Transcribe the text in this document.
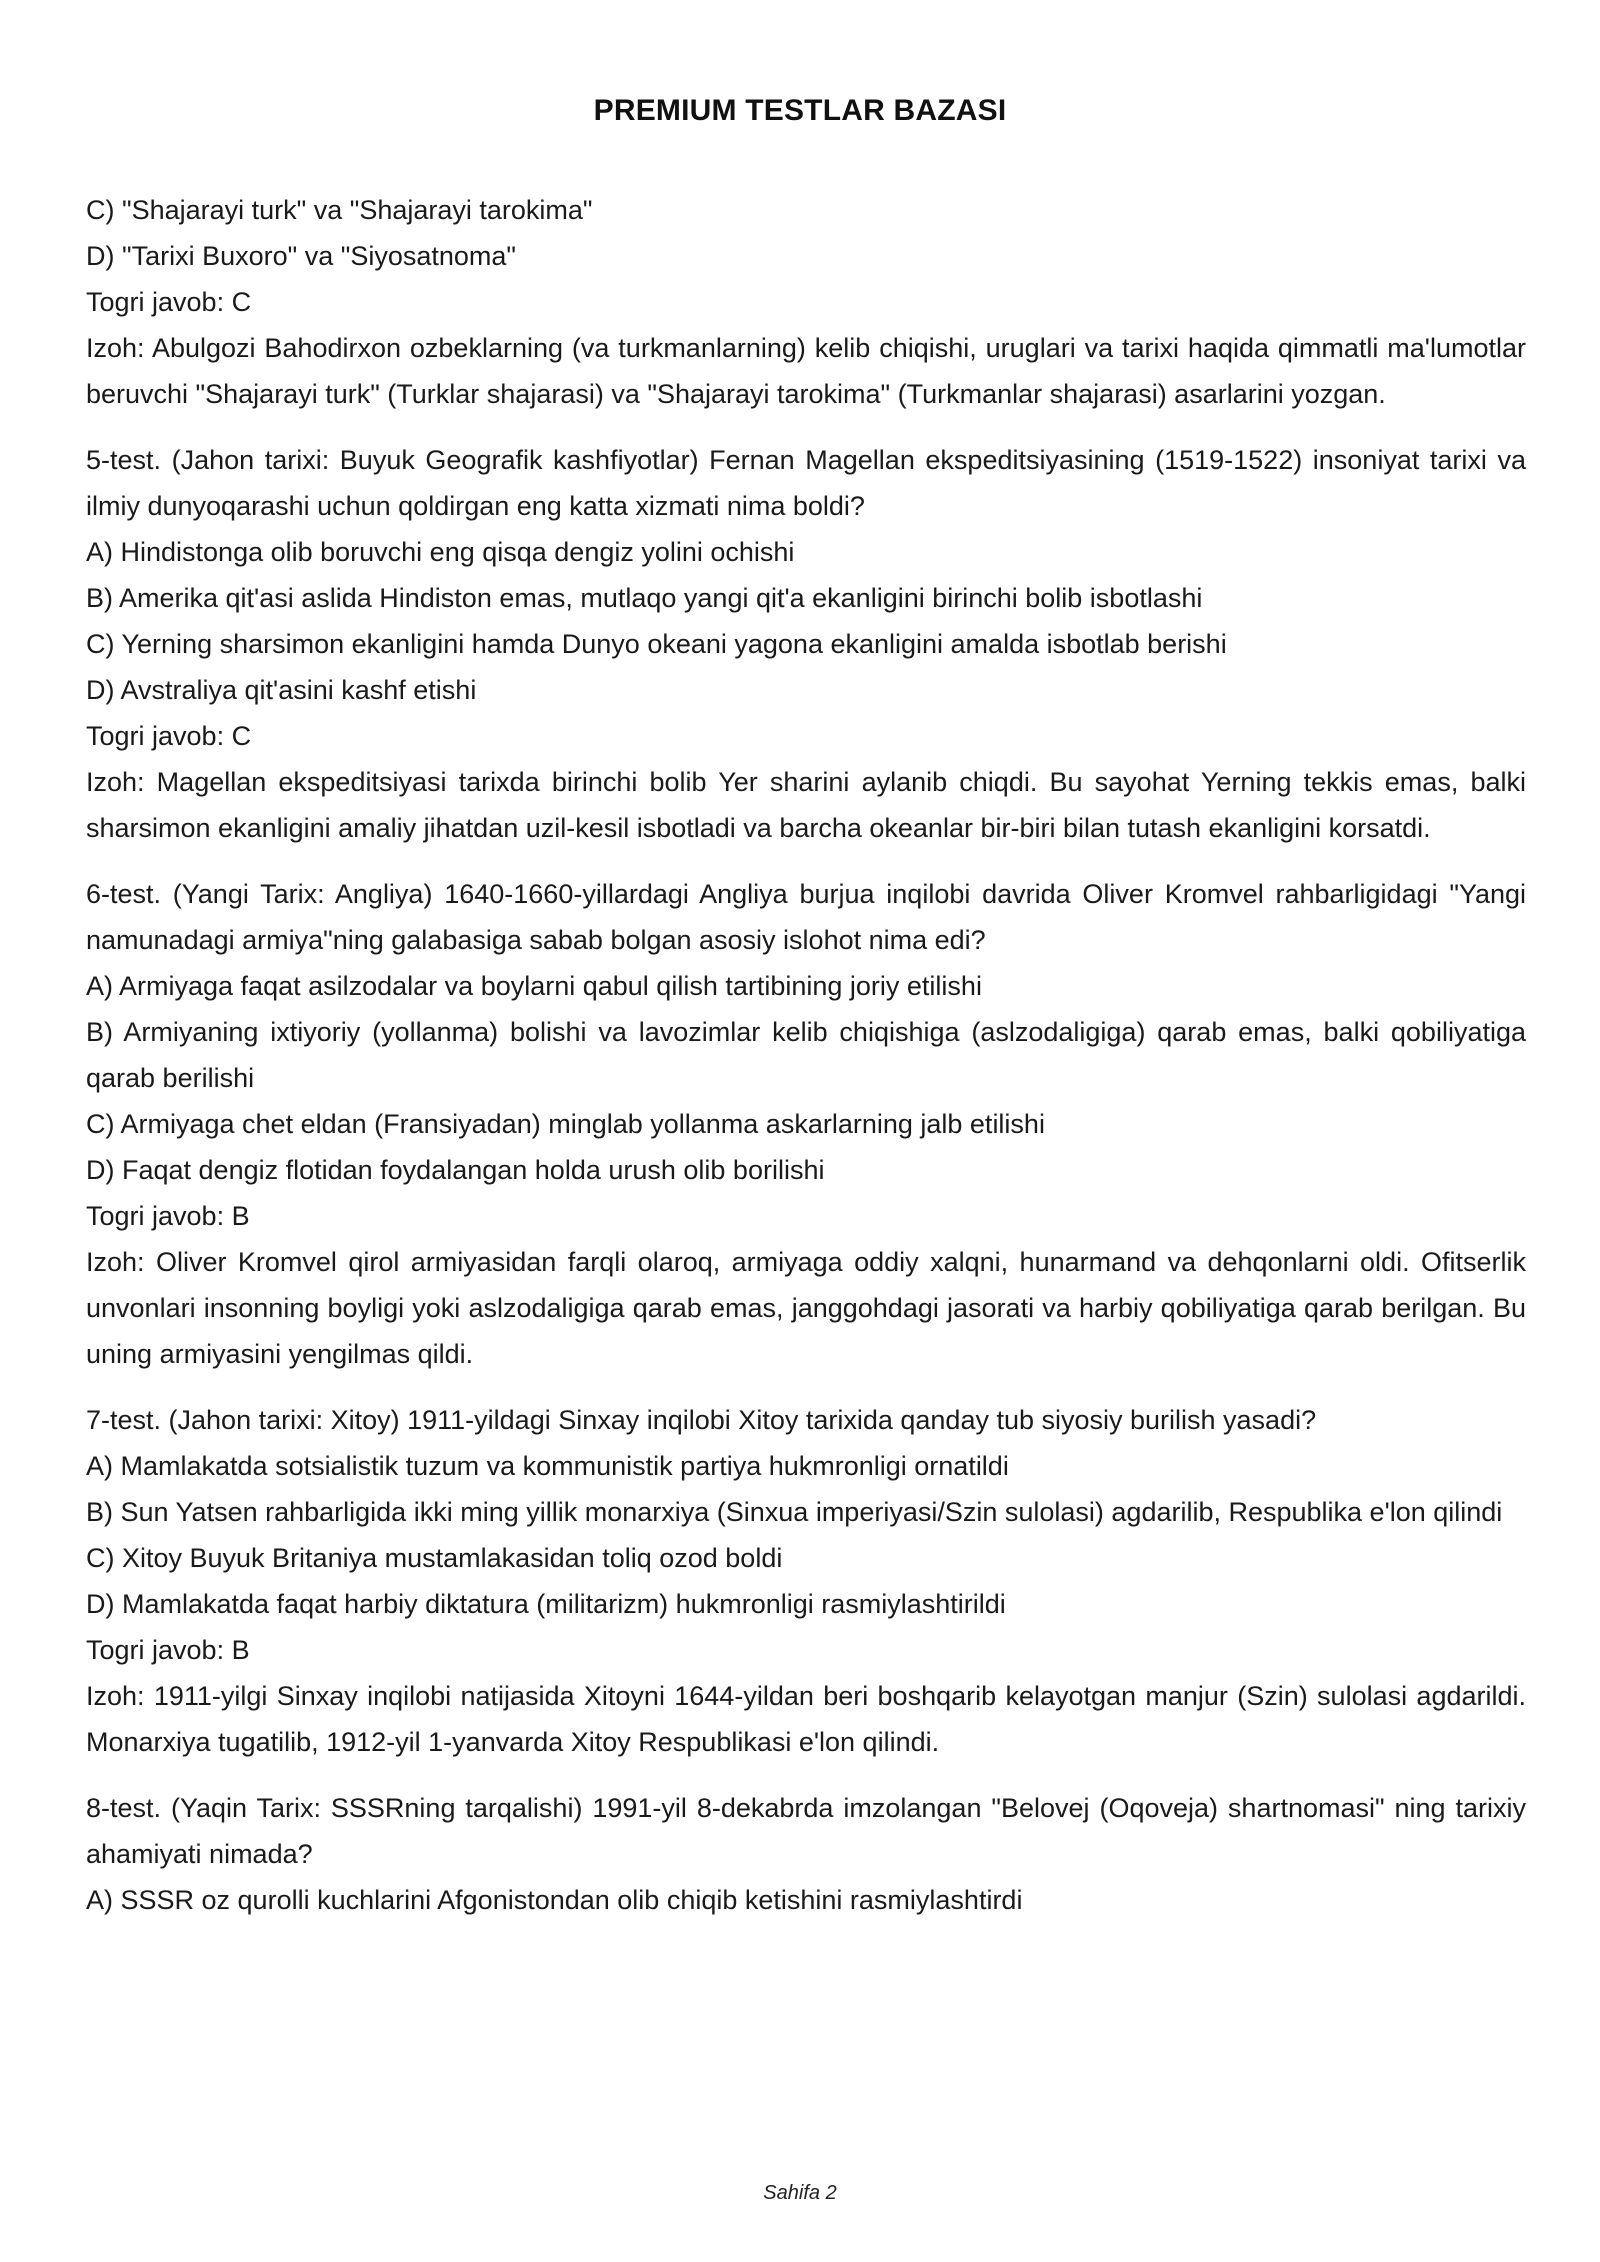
PREMIUM TESTLAR BAZASI

C) "Shajarayi turk" va "Shajarayi tarokima"

D) "Tarixi Buxoro" va "Siyosatnoma"

Togri javob: C

Izoh: Abulgozi Bahodirxon ozbeklarning (va turkmanlarning) kelib chiqishi, uruglari va tarixi haqida qimmatli ma'lumotlar beruvchi "Shajarayi turk" (Turklar shajarasi) va "Shajarayi tarokima" (Turkmanlar shajarasi) asarlarini yozgan.

5-test. (Jahon tarixi: Buyuk Geografik kashfiyotlar) Fernan Magellan ekspeditsiyasining (1519-1522) insoniyat tarixi va ilmiy dunyoqarashi uchun qoldirgan eng katta xizmati nima boldi?

A) Hindistonga olib boruvchi eng qisqa dengiz yolini ochishi

B) Amerika qit'asi aslida Hindiston emas, mutlaqo yangi qit'a ekanligini birinchi bolib isbotlashi

C) Yerning sharsimon ekanligini hamda Dunyo okeani yagona ekanligini amalda isbotlab berishi

D) Avstraliya qit'asini kashf etishi

Togri javob: C

Izoh: Magellan ekspeditsiyasi tarixda birinchi bolib Yer sharini aylanib chiqdi. Bu sayohat Yerning tekkis emas, balki sharsimon ekanligini amaliy jihatdan uzil-kesil isbotladi va barcha okeanlar bir-biri bilan tutash ekanligini korsatdi.

6-test. (Yangi Tarix: Angliya) 1640-1660-yillardagi Angliya burjua inqilobi davrida Oliver Kromvel rahbarligidagi "Yangi namunadagi armiya"ning galabasiga sabab bolgan asosiy islohot nima edi?

A) Armiyaga faqat asilzodalar va boylarni qabul qilish tartibining joriy etilishi

B) Armiyaning ixtiyoriy (yollanma) bolishi va lavozimlar kelib chiqishiga (aslzodaligiga) qarab emas, balki qobiliyatiga qarab berilishi

C) Armiyaga chet eldan (Fransiyadan) minglab yollanma askarlarning jalb etilishi

D) Faqat dengiz flotidan foydalangan holda urush olib borilishi

Togri javob: B

Izoh: Oliver Kromvel qirol armiyasidan farqli olaroq, armiyaga oddiy xalqni, hunarmand va dehqonlarni oldi. Ofitserlik unvonlari insonning boyligi yoki aslzodaligiga qarab emas, janggohdagi jasorati va harbiy qobiliyatiga qarab berilgan. Bu uning armiyasini yengilmas qildi.

7-test. (Jahon tarixi: Xitoy) 1911-yildagi Sinxay inqilobi Xitoy tarixida qanday tub siyosiy burilish yasadi?

A) Mamlakatda sotsialistik tuzum va kommunistik partiya hukmronligi ornatildi

B) Sun Yatsen rahbarligida ikki ming yillik monarxiya (Sinxua imperiyasi/Szin sulolasi) agdarilib, Respublika e'lon qilindi

C) Xitoy Buyuk Britaniya mustamlakasidan toliq ozod boldi

D) Mamlakatda faqat harbiy diktatura (militarizm) hukmronligi rasmiylashtirildi

Togri javob: B

Izoh: 1911-yilgi Sinxay inqilobi natijasida Xitoyni 1644-yildan beri boshqarib kelayotgan manjur (Szin) sulolasi agdarildi. Monarxiya tugatilib, 1912-yil 1-yanvarda Xitoy Respublikasi e'lon qilindi.

8-test. (Yaqin Tarix: SSSRning tarqalishi) 1991-yil 8-dekabrda imzolangan "Belovej (Oqoveja) shartnomasi" ning tarixiy ahamiyati nimada?

A) SSSR oz qurolli kuchlarini Afgonistondan olib chiqib ketishini rasmiylashtirdi

Sahifa 2
